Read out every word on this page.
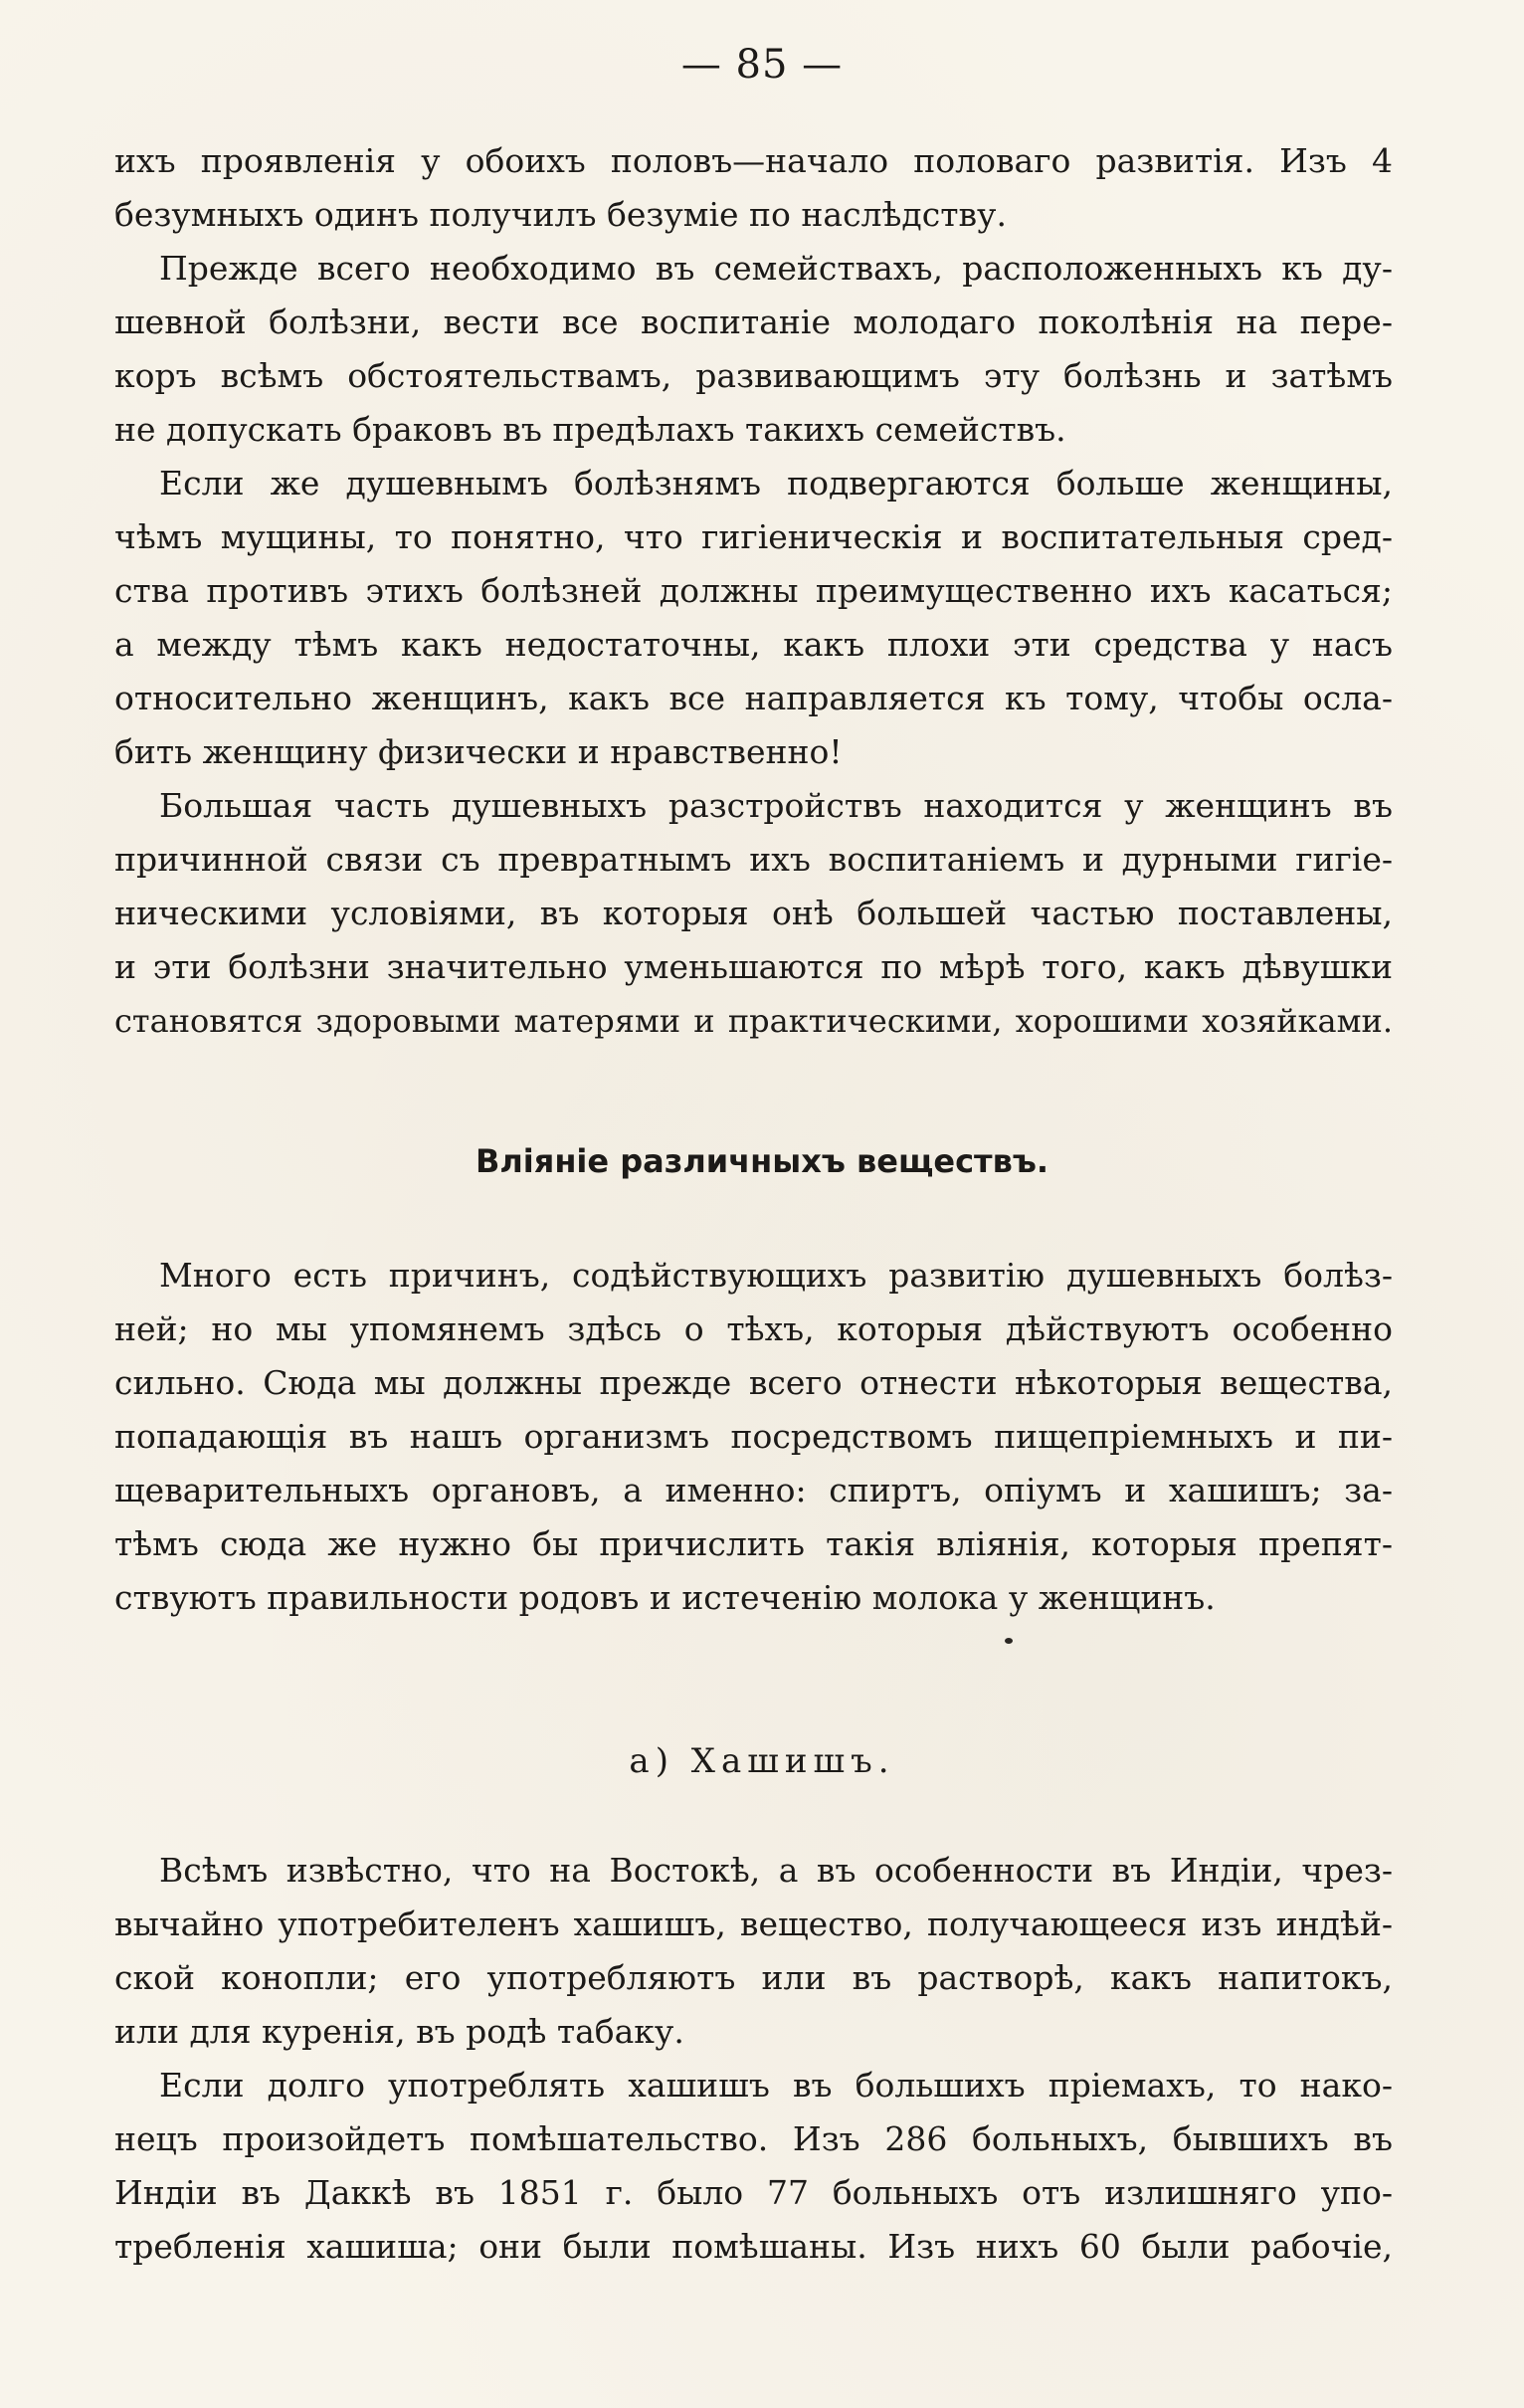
— 85 —
ихъ проявленія у обоихъ половъ—начало половаго развитія. Изъ 4
безумныхъ одинъ получилъ безуміе по наслѣдству.
Прежде всего необходимо въ семействахъ, расположенныхъ къ ду-
шевной болѣзни, вести все воспитаніе молодаго поколѣнія на пере-
коръ всѣмъ обстоятельствамъ, развивающимъ эту болѣзнь и затѣмъ
не допускать браковъ въ предѣлахъ такихъ семействъ.
Если же душевнымъ болѣзнямъ подвергаются больше женщины,
чѣмъ мущины, то понятно, что гигіеническія и воспитательныя сред-
ства противъ этихъ болѣзней должны преимущественно ихъ касаться;
а между тѣмъ какъ недостаточны, какъ плохи эти средства у насъ
относительно женщинъ, какъ все направляется къ тому, чтобы осла-
бить женщину физически и нравственно!
Большая часть душевныхъ разстройствъ находится у женщинъ въ
причинной связи съ превратнымъ ихъ воспитаніемъ и дурными гигіе-
ническими условіями, въ которыя онѣ большей частью поставлены,
и эти болѣзни значительно уменьшаются по мѣрѣ того, какъ дѣвушки
становятся здоровыми матерями и практическими, хорошими хозяйками.
Вліяніе различныхъ веществъ.
Много есть причинъ, содѣйствующихъ развитію душевныхъ болѣз-
ней; но мы упомянемъ здѣсь о тѣхъ, которыя дѣйствуютъ особенно
сильно. Сюда мы должны прежде всего отнести нѣкоторыя вещества,
попадающія въ нашъ организмъ посредствомъ пищепріемныхъ и пи-
щеварительныхъ органовъ, а именно: спиртъ, опіумъ и хашишъ; за-
тѣмъ сюда же нужно бы причислить такія вліянія, которыя препят-
ствуютъ правильности родовъ и истеченію молока у женщинъ.
а) Хашишъ.
Всѣмъ извѣстно, что на Востокѣ, а въ особенности въ Индіи, чрез-
вычайно употребителенъ хашишъ, вещество, получающееся изъ индѣй-
ской конопли; его употребляютъ или въ растворѣ, какъ напитокъ,
или для куренія, въ родѣ табаку.
Если долго употреблять хашишъ въ большихъ пріемахъ, то нако-
нецъ произойдетъ помѣшательство. Изъ 286 больныхъ, бывшихъ въ
Индіи въ Даккѣ въ 1851 г. было 77 больныхъ отъ излишняго упо-
требленія хашиша; они были помѣшаны. Изъ нихъ 60 были рабочіе,
